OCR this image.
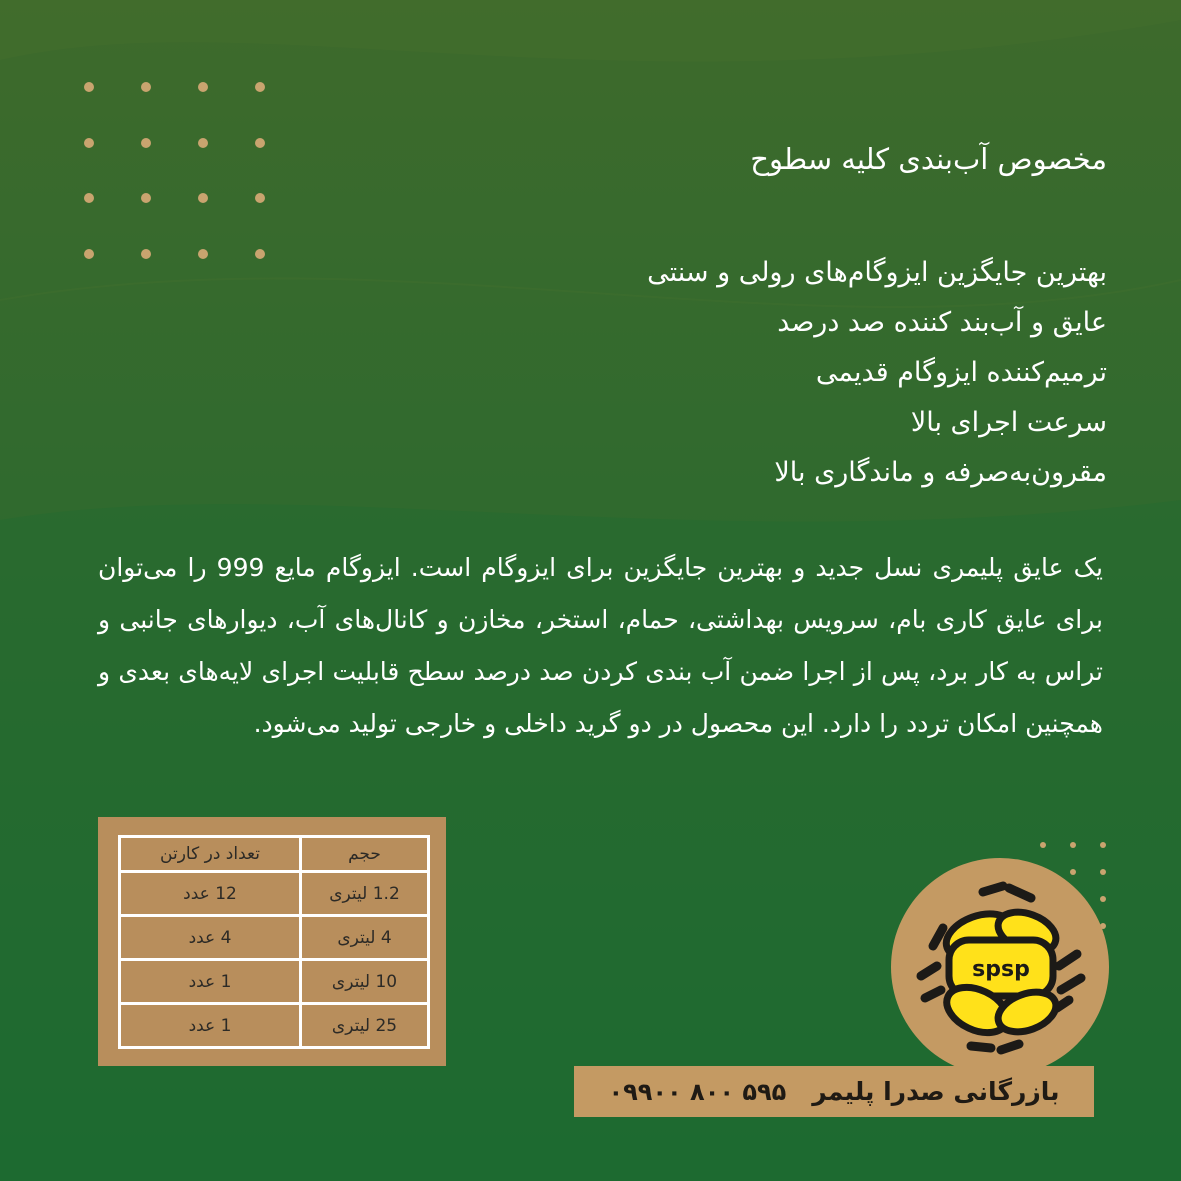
مخصوص آب‌بندی کلیه سطوح
بهترین جایگزین ایزوگام‌های رولی و سنتی
عایق و آب‌بند کننده صد درصد
ترمیم‌کننده ایزوگام قدیمی
سرعت اجرای بالا
مقرون‌به‌صرفه و ماندگاری بالا

یک عایق پلیمری نسل جدید و بهترین جایگزین برای ایزوگام است. ایزوگام مایع 999 را می‌توان برای عایق کاری بام، سرویس بهداشتی، حمام، استخر، مخازن و کانال‌های آب، دیوارهای جانبی و تراس به کار برد، پس از اجرا ضمن آب بندی کردن صد درصد سطح قابلیت اجرای لایه‌های بعدی و همچنین امکان تردد را دارد. این محصول در دو گرید داخلی و خارجی تولید می‌شود.

حجم	تعداد در کارتن
1.2 لیتری	12 عدد
4 لیتری	4 عدد
10 لیتری	1 عدد
25 لیتری	1 عدد
spsp
۰۹۹۰۰ ۸۰۰ ۵۹۵ بازرگانی صدرا پلیمر
